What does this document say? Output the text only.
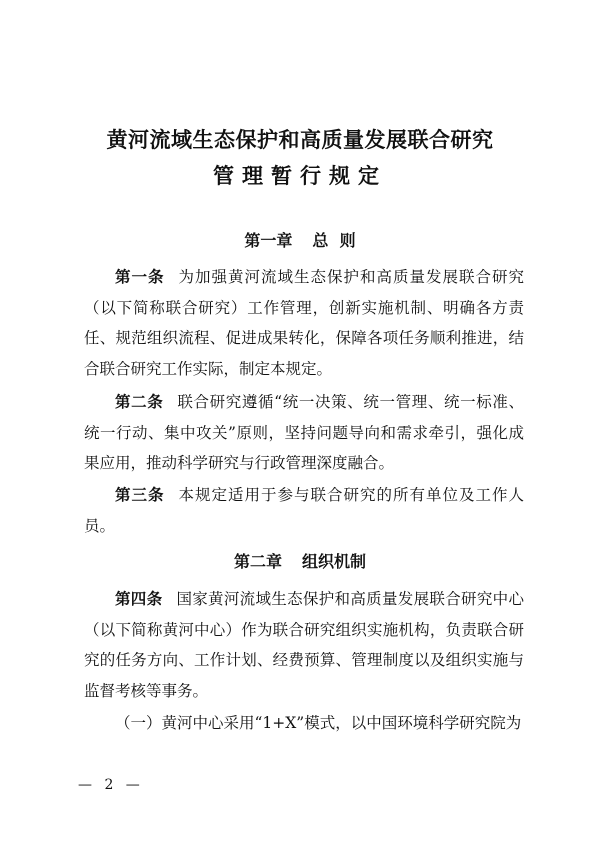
黄河流域生态保护和高质量发展联合研究
管理暂行规定
第一章 总  则
第一条 为加强黄河流域生态保护和高质量发展联合研究（以下简称联合研究）工作管理，创新实施机制、明确各方责任、规范组织流程、促进成果转化，保障各项任务顺利推进，结合联合研究工作实际，制定本规定。
第二条 联合研究遵循“统一决策、统一管理、统一标准、统一行动、集中攻关”原则，坚持问题导向和需求牵引，强化成果应用，推动科学研究与行政管理深度融合。
第三条 本规定适用于参与联合研究的所有单位及工作人员。
第二章 组织机制
第四条 国家黄河流域生态保护和高质量发展联合研究中心（以下简称黄河中心）作为联合研究组织实施机构，负责联合研究的任务方向、工作计划、经费预算、管理制度以及组织实施与监督考核等事务。
（一）黄河中心采用“1+X”模式，以中国环境科学研究院为
— 2 —
